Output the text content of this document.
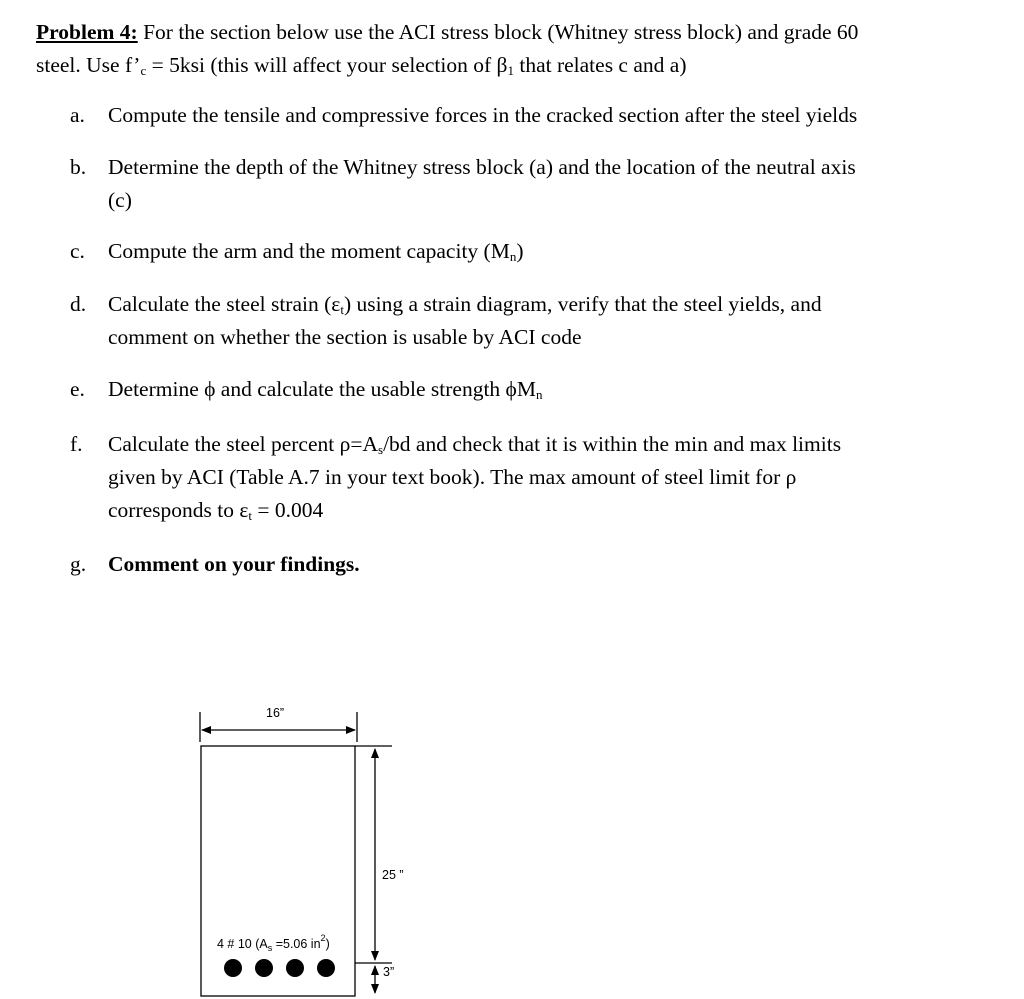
Problem 4: For the section below use the ACI stress block (Whitney stress block) and grade 60
steel. Use $f’_c = 5ksi$ (this will affect your selection of $\beta_1$ that relates c and a)
a.	Compute the tensile and compressive forces in the cracked section after the steel yields
b.	Determine the depth of the Whitney stress block (a) and the location of the neutral axis
(c)
c.	Compute the arm and the moment capacity $(M_n)$
d.	Calculate the steel strain $(\varepsilon_t)$ using a strain diagram, verify that the steel yields, and
comment on whether the section is usable by ACI code
e.	Determine ϕ and calculate the usable strength $\phi M_n$
f.	Calculate the steel percent $\rho=A_s/bd$ and check that it is within the min and max limits
given by ACI (Table A.7 in your text book). The max amount of steel limit for ρ
corresponds to $\varepsilon_t = 0.004$
g.	Comment on your findings.
16”
25 ”
3”
4 # 10 ($A_s =5.06$ $in^2$)
